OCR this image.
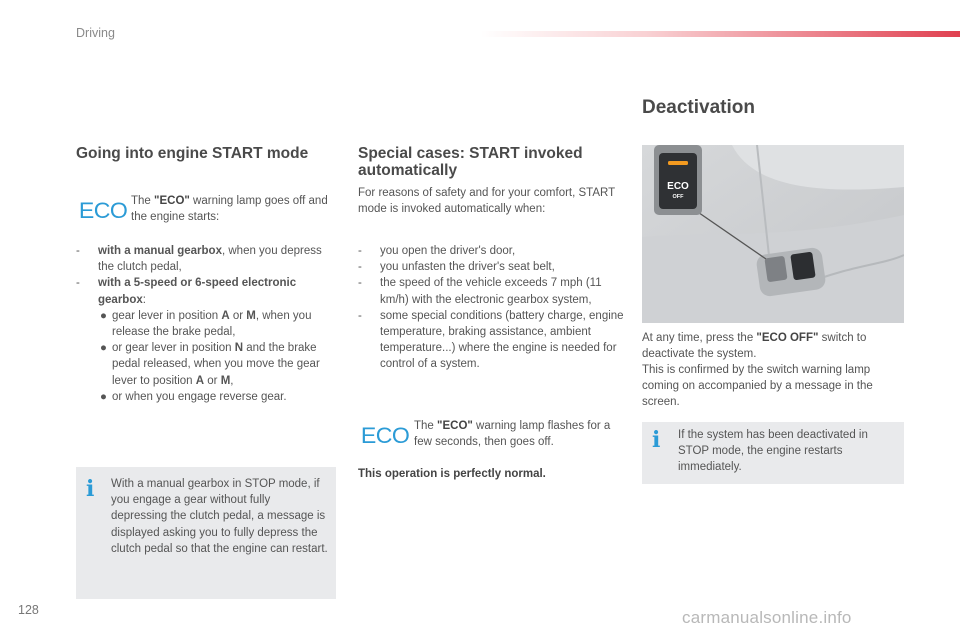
Driving
Going into engine START mode
ECO The "ECO" warning lamp goes off and the engine starts:
- with a manual gearbox, when you depress the clutch pedal,
- with a 5-speed or 6-speed electronic gearbox:
● gear lever in position A or M, when you release the brake pedal,
● or gear lever in position N and the brake pedal released, when you move the gear lever to position A or M,
● or when you engage reverse gear.
i With a manual gearbox in STOP mode, if you engage a gear without fully depressing the clutch pedal, a message is displayed asking you to fully depress the clutch pedal so that the engine can restart.
Special cases: START invoked automatically
For reasons of safety and for your comfort, START mode is invoked automatically when:
- you open the driver's door,
- you unfasten the driver's seat belt,
- the speed of the vehicle exceeds 7 mph (11 km/h) with the electronic gearbox system,
- some special conditions (battery charge, engine temperature, braking assistance, ambient temperature...) where the engine is needed for control of a system.
ECO The "ECO" warning lamp flashes for a few seconds, then goes off.
This operation is perfectly normal.
Deactivation
ECO
OFF
At any time, press the "ECO OFF" switch to deactivate the system.
This is confirmed by the switch warning lamp coming on accompanied by a message in the screen.
i If the system has been deactivated in STOP mode, the engine restarts immediately.
128	carmanualsonline.info
